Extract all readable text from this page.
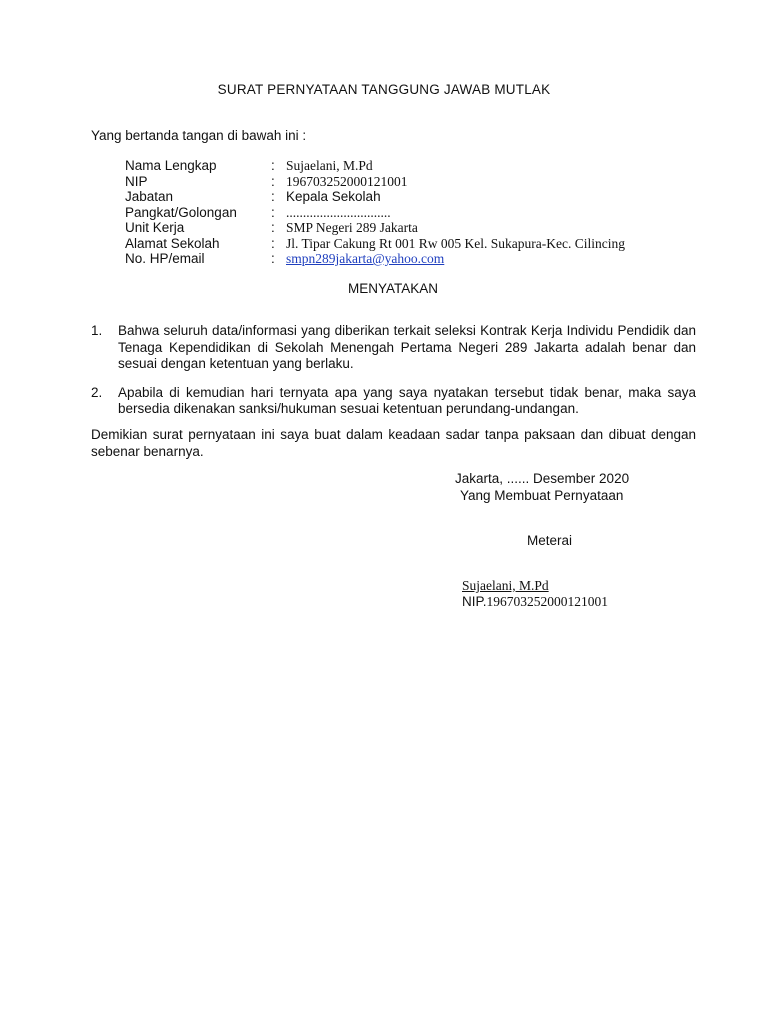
SURAT PERNYATAAN TANGGUNG JAWAB MUTLAK
Yang bertanda tangan di bawah ini :
Nama Lengkap	: Sujaelani, M.Pd
NIP	: 196703252000121001
Jabatan	: Kepala Sekolah
Pangkat/Golongan	: ...............................
Unit Kerja	: SMP Negeri 289 Jakarta
Alamat Sekolah	: Jl. Tipar Cakung Rt 001 Rw 005 Kel. Sukapura-Kec. Cilincing
No. HP/email	: smpn289jakarta@yahoo.com
MENYATAKAN
1.	Bahwa seluruh data/informasi yang diberikan terkait seleksi Kontrak Kerja Individu Pendidik dan Tenaga Kependidikan di Sekolah Menengah Pertama Negeri 289 Jakarta adalah benar dan sesuai dengan ketentuan yang berlaku.
2.	Apabila di kemudian hari ternyata apa yang saya nyatakan tersebut tidak benar, maka saya bersedia dikenakan sanksi/hukuman sesuai ketentuan perundang-undangan.
Demikian surat pernyataan ini saya buat dalam keadaan sadar tanpa paksaan dan dibuat dengan sebenar benarnya.
Jakarta, ...... Desember 2020
Yang Membuat Pernyataan
Meterai
Sujaelani, M.Pd
NIP.196703252000121001
